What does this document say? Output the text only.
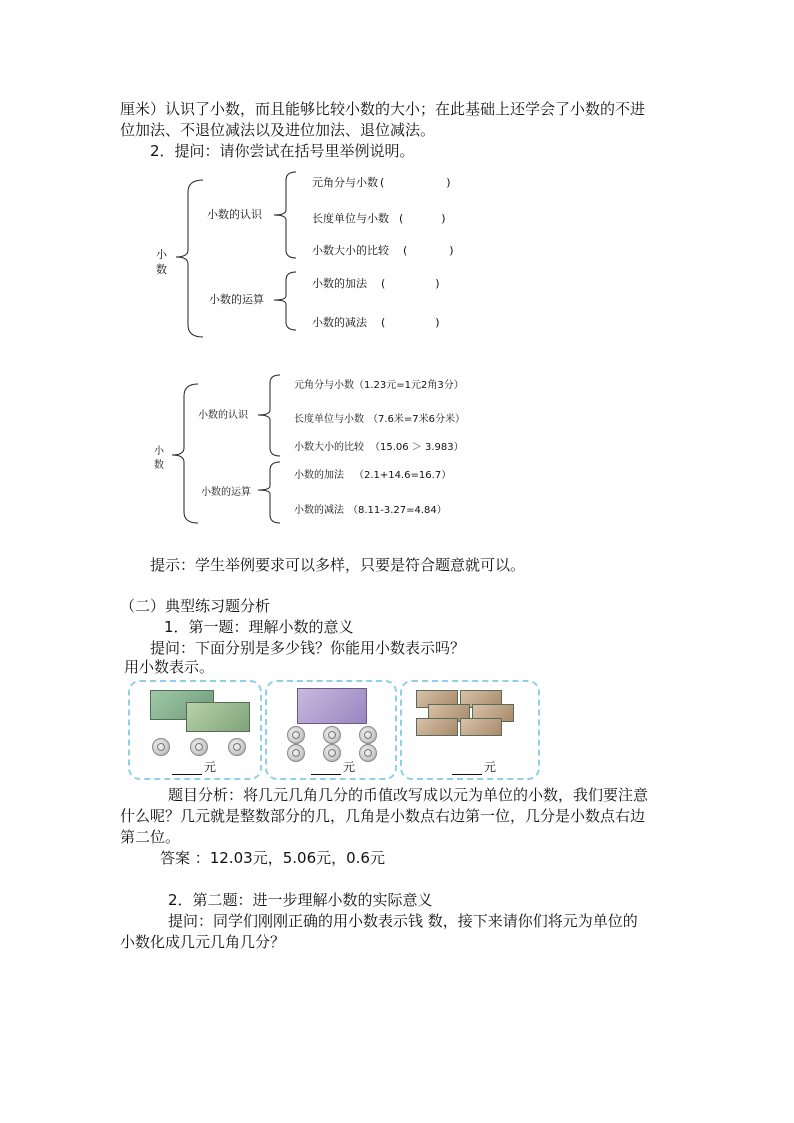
厘米）认识了小数，而且能够比较小数的大小；在此基础上还学会了小数的不进
位加法、不退位减法以及进位加法、退位减法。
2．提问：请你尝试在括号里举例说明。
小
数
小数的认识
小数的运算
元角分与小数 (	)
长度单位与小数 (	)
小数大小的比较 (	)
小数的加法 (	)
小数的减法 (	)
小
数
小数的认识
小数的运算
元角分与小数（1.23元=1元2角3分）
长度单位与小数 （7.6米=7米6分米）
小数大小的比较 （15.06 ＞ 3.983）
小数的加法 （2.1+14.6=16.7）
小数的减法 （8.11-3.27=4.84）
提示：学生举例要求可以多样，只要是符合题意就可以。
（二）典型练习题分析
1．第一题：理解小数的意义
提问：下面分别是多少钱？你能用小数表示吗？
用小数表示。
元	元	元
题目分析：将几元几角几分的币值改写成以元为单位的小数，我们要注意
什么呢？几元就是整数部分的几，几角是小数点右边第一位，几分是小数点右边
第二位。
答案 ：12.03元，5.06元，0.6元
2．第二题：进一步理解小数的实际意义
提问：同学们刚刚正确的用小数表示钱 数，接下来请你们将元为单位的
小数化成几元几角几分？
